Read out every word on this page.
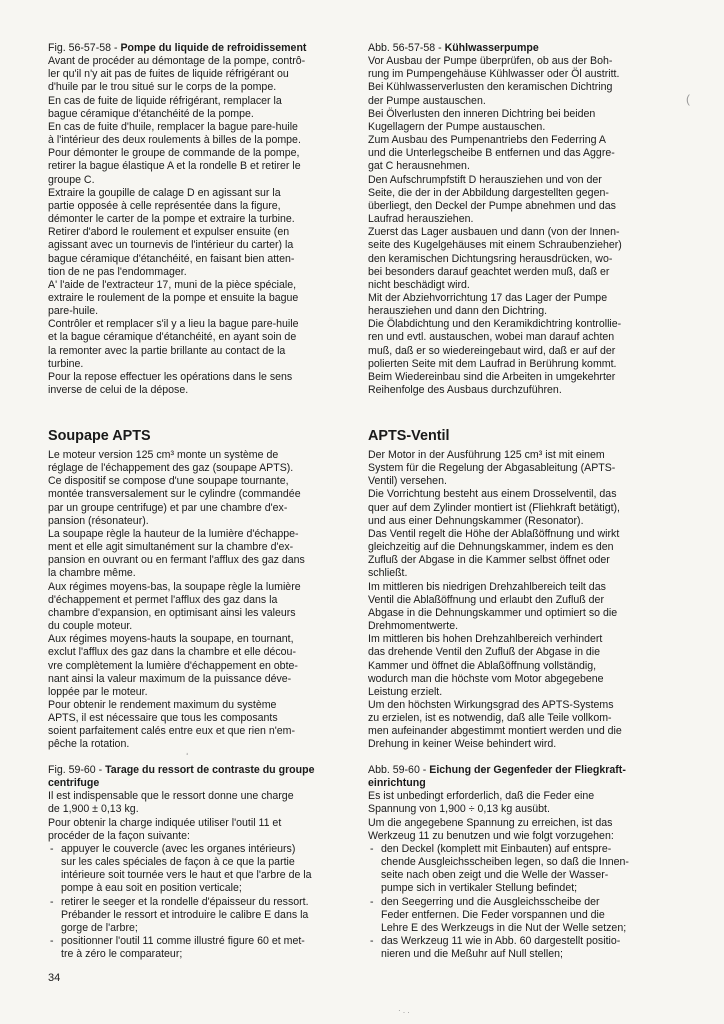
Fig. 56-57-58 - Pompe du liquide de refroidissement

Avant de procéder au démontage de la pompe, contrô-
ler qu'il n'y ait pas de fuites de liquide réfrigérant ou
d'huile par le trou situé sur le corps de la pompe.
En cas de fuite de liquide réfrigérant, remplacer la
bague céramique d'étanchéité de la pompe.
En cas de fuite d'huile, remplacer la bague pare-huile
à l'intérieur des deux roulements à billes de la pompe.
Pour démonter le groupe de commande de la pompe,
retirer la bague élastique A et la rondelle B et retirer le
groupe C.
Extraire la goupille de calage D en agissant sur la
partie opposée à celle représentée dans la figure,
démonter le carter de la pompe et extraire la turbine.
Retirer d'abord le roulement et expulser ensuite (en
agissant avec un tournevis de l'intérieur du carter) la
bague céramique d'étanchéité, en faisant bien atten-
tion de ne pas l'endommager.
A' l'aide de l'extracteur 17, muni de la pièce spéciale,
extraire le roulement de la pompe et ensuite la bague
pare-huile.
Contrôler et remplacer s'il y a lieu la bague pare-huile
et la bague céramique d'étanchéité, en ayant soin de
la remonter avec la partie brillante au contact de la
turbine.
Pour la repose effectuer les opérations dans le sens
inverse de celui de la dépose.

Soupape APTS

Le moteur version 125 cm³ monte un système de
réglage de l'échappement des gaz (soupape APTS).
Ce dispositif se compose d'une soupape tournante,
montée transversalement sur le cylindre (commandée
par un groupe centrifuge) et par une chambre d'ex-
pansion (résonateur).
La soupape règle la hauteur de la lumière d'échappe-
ment et elle agit simultanément sur la chambre d'ex-
pansion en ouvrant ou en fermant l'afflux des gaz dans
la chambre même.
Aux régimes moyens-bas, la soupape règle la lumière
d'échappement et permet l'afflux des gaz dans la
chambre d'expansion, en optimisant ainsi les valeurs
du couple moteur.
Aux régimes moyens-hauts la soupape, en tournant,
exclut l'afflux des gaz dans la chambre et elle décou-
vre complètement la lumière d'échappement en obte-
nant ainsi la valeur maximum de la puissance déve-
loppée par le moteur.
Pour obtenir le rendement maximum du système
APTS, il est nécessaire que tous les composants
soient parfaitement calés entre eux et que rien n'em-
pêche la rotation.

Fig. 59-60 - Tarage du ressort de contraste du groupe
centrifuge

Il est indispensable que le ressort donne une charge
de 1,900 ± 0,13 kg.
Pour obtenir la charge indiquée utiliser l'outil 11 et
procéder de la façon suivante:

- appuyer le couvercle (avec les organes intérieurs)
sur les cales spéciales de façon à ce que la partie
intérieure soit tournée vers le haut et que l'arbre de la
pompe à eau soit en position verticale;
- retirer le seeger et la rondelle d'épaisseur du ressort.
Prébander le ressort et introduire le calibre E dans la
gorge de l'arbre;
- positionner l'outil 11 comme illustré figure 60 et met-
tre à zéro le comparateur;

Abb. 56-57-58 - Kühlwasserpumpe

Vor Ausbau der Pumpe überprüfen, ob aus der Boh-
rung im Pumpengehäuse Kühlwasser oder Öl austritt.
Bei Kühlwasserverlusten den keramischen Dichtring
der Pumpe austauschen.
Bei Ölverlusten den inneren Dichtring bei beiden
Kugellagern der Pumpe austauschen.
Zum Ausbau des Pumpenantriebs den Federring A
und die Unterlegscheibe B entfernen und das Aggre-
gat C herausnehmen.
Den Aufschrumpfstift D herausziehen und von der
Seite, die der in der Abbildung dargestellten gegen-
überliegt, den Deckel der Pumpe abnehmen und das
Laufrad herausziehen.
Zuerst das Lager ausbauen und dann (von der Innen-
seite des Kugelgehäuses mit einem Schraubenzieher)
den keramischen Dichtungsring herausdrücken, wo-
bei besonders darauf geachtet werden muß, daß er
nicht beschädigt wird.
Mit der Abziehvorrichtung 17 das Lager der Pumpe
herausziehen und dann den Dichtring.
Die Ölabdichtung und den Keramikdichtring kontrollie-
ren und evtl. austauschen, wobei man darauf achten
muß, daß er so wiedereingebaut wird, daß er auf der
polierten Seite mit dem Laufrad in Berührung kommt.
Beim Wiedereinbau sind die Arbeiten in umgekehrter
Reihenfolge des Ausbaus durchzuführen.

APTS-Ventil

Der Motor in der Ausführung 125 cm³ ist mit einem
System für die Regelung der Abgasableitung (APTS-
Ventil) versehen.
Die Vorrichtung besteht aus einem Drosselventil, das
quer auf dem Zylinder montiert ist (Fliehkraft betätigt),
und aus einer Dehnungskammer (Resonator).
Das Ventil regelt die Höhe der Ablaßöffnung und wirkt
gleichzeitig auf die Dehnungskammer, indem es den
Zufluß der Abgase in die Kammer selbst öffnet oder
schließt.
Im mittleren bis niedrigen Drehzahlbereich teilt das
Ventil die Ablaßöffnung und erlaubt den Zufluß der
Abgase in die Dehnungskammer und optimiert so die
Drehmomentwerte.
Im mittleren bis hohen Drehzahlbereich verhindert
das drehende Ventil den Zufluß der Abgase in die
Kammer und öffnet die Ablaßöffnung vollständig,
wodurch man die höchste vom Motor abgegebene
Leistung erzielt.
Um den höchsten Wirkungsgrad des APTS-Systems
zu erzielen, ist es notwendig, daß alle Teile vollkom-
men aufeinander abgestimmt montiert werden und die
Drehung in keiner Weise behindert wird.

Abb. 59-60 - Eichung der Gegenfeder der Fliegkraft-
einrichtung

Es ist unbedingt erforderlich, daß die Feder eine
Spannung von 1,900 ÷ 0,13 kg ausübt.
Um die angegebene Spannung zu erreichen, ist das
Werkzeug 11 zu benutzen und wie folgt vorzugehen:

- den Deckel (komplett mit Einbauten) auf entspre-
chende Ausgleichsscheiben legen, so daß die Innen-
seite nach oben zeigt und die Welle der Wasser-
pumpe sich in vertikaler Stellung befindet;
- den Seegerring und die Ausgleichsscheibe der
Feder entfernen. Die Feder vorspannen und die
Lehre E des Werkzeugs in die Nut der Welle setzen;
- das Werkzeug 11 wie in Abb. 60 dargestellt positio-
nieren und die Meßuhr auf Null stellen;
34
(
¸
· . .
